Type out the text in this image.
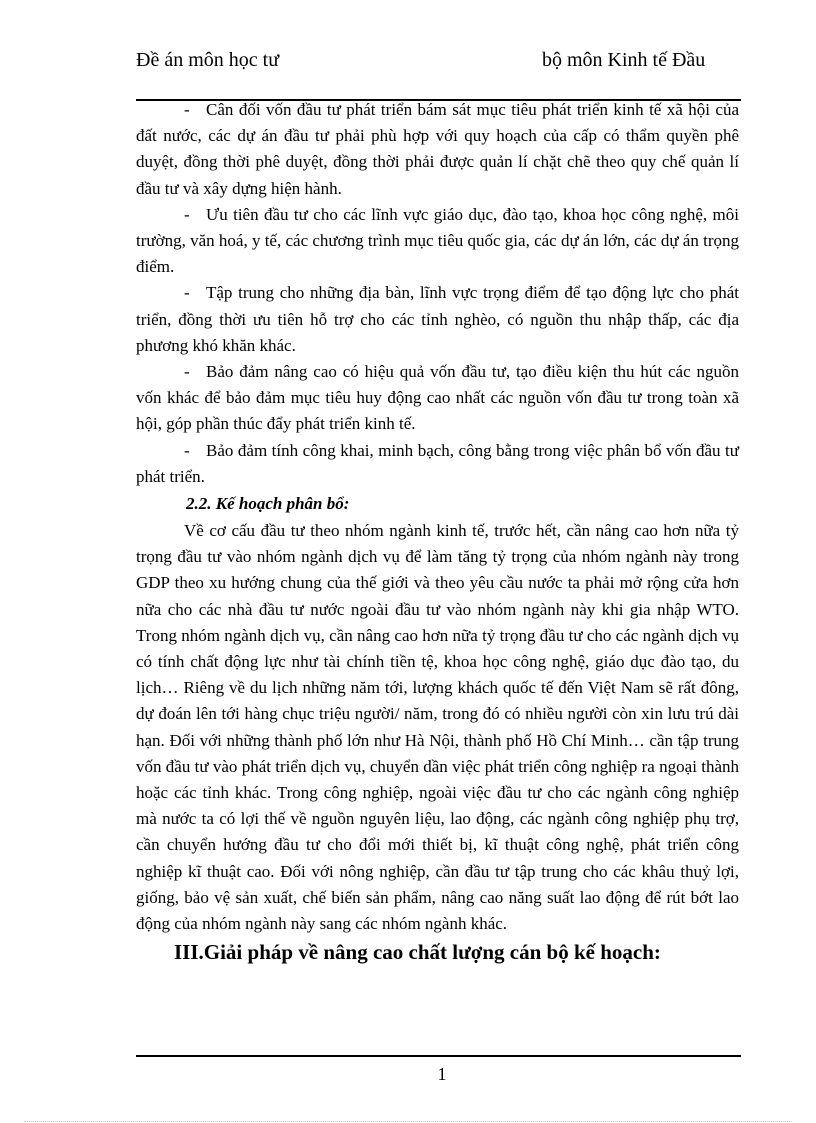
Đề án môn học tư	bộ môn Kinh tế Đầu

- Cân đối vốn đầu tư phát triển bám sát mục tiêu phát triển kinh tế xã hội của đất nước, các dự án đầu tư phải phù hợp với quy hoạch của cấp có thẩm quyền phê duyệt, đồng thời phê duyệt, đồng thời phải được quản lí chặt chẽ theo quy chế quản lí đầu tư và xây dựng hiện hành.

- Ưu tiên đầu tư cho các lĩnh vực giáo dục, đào tạo, khoa học công nghệ, môi trường, văn hoá, y tế, các chương trình mục tiêu quốc gia, các dự án lớn, các dự án trọng điểm.

- Tập trung cho những địa bàn, lĩnh vực trọng điểm để tạo động lực cho phát triển, đồng thời ưu tiên hỗ trợ cho các tỉnh nghèo, có nguồn thu nhập thấp, các địa phương khó khăn khác.

- Bảo đảm nâng cao có hiệu quả vốn đầu tư, tạo điều kiện thu hút các nguồn vốn khác để bảo đảm mục tiêu huy động cao nhất các nguồn vốn đầu tư trong toàn xã hội, góp phần thúc đẩy phát triển kinh tế.

- Bảo đảm tính công khai, minh bạch, công bằng trong việc phân bổ vốn đầu tư phát triển.

2.2. Kế hoạch phân bổ:

Về cơ cấu đầu tư theo nhóm ngành kinh tế, trước hết, cần nâng cao hơn nữa tỷ trọng đầu tư vào nhóm ngành dịch vụ để làm tăng tỷ trọng của nhóm ngành này trong GDP theo xu hướng chung của thế giới và theo yêu cầu nước ta phải mở rộng cửa hơn nữa cho các nhà đầu tư nước ngoài đầu tư vào nhóm ngành này khi gia nhập WTO. Trong nhóm ngành dịch vụ, cần nâng cao hơn nữa tỷ trọng đầu tư cho các ngành dịch vụ có tính chất động lực như tài chính tiền tệ, khoa học công nghệ, giáo dục đào tạo, du lịch… Riêng về du lịch những năm tới, lượng khách quốc tế đến Việt Nam sẽ rất đông, dự đoán lên tới hàng chục triệu người/ năm, trong đó có nhiều người còn xin lưu trú dài hạn. Đối với những thành phố lớn như Hà Nội, thành phố Hồ Chí Minh… cần tập trung vốn đầu tư vào phát triển dịch vụ, chuyển dần việc phát triển công nghiệp ra ngoại thành hoặc các tỉnh khác. Trong công nghiệp, ngoài việc đầu tư cho các ngành công nghiệp mà nước ta có lợi thế về nguồn nguyên liệu, lao động, các ngành công nghiệp phụ trợ, cần chuyển hướng đầu tư cho đổi mới thiết bị, kĩ thuật công nghệ, phát triển công nghiệp kĩ thuật cao. Đối với nông nghiệp, cần đầu tư tập trung cho các khâu thuỷ lợi, giống, bảo vệ sản xuất, chế biến sản phẩm, nâng cao năng suất lao động để rút bớt lao động của nhóm ngành này sang các nhóm ngành khác.

III.Giải pháp về nâng cao chất lượng cán bộ kế hoạch:

1
